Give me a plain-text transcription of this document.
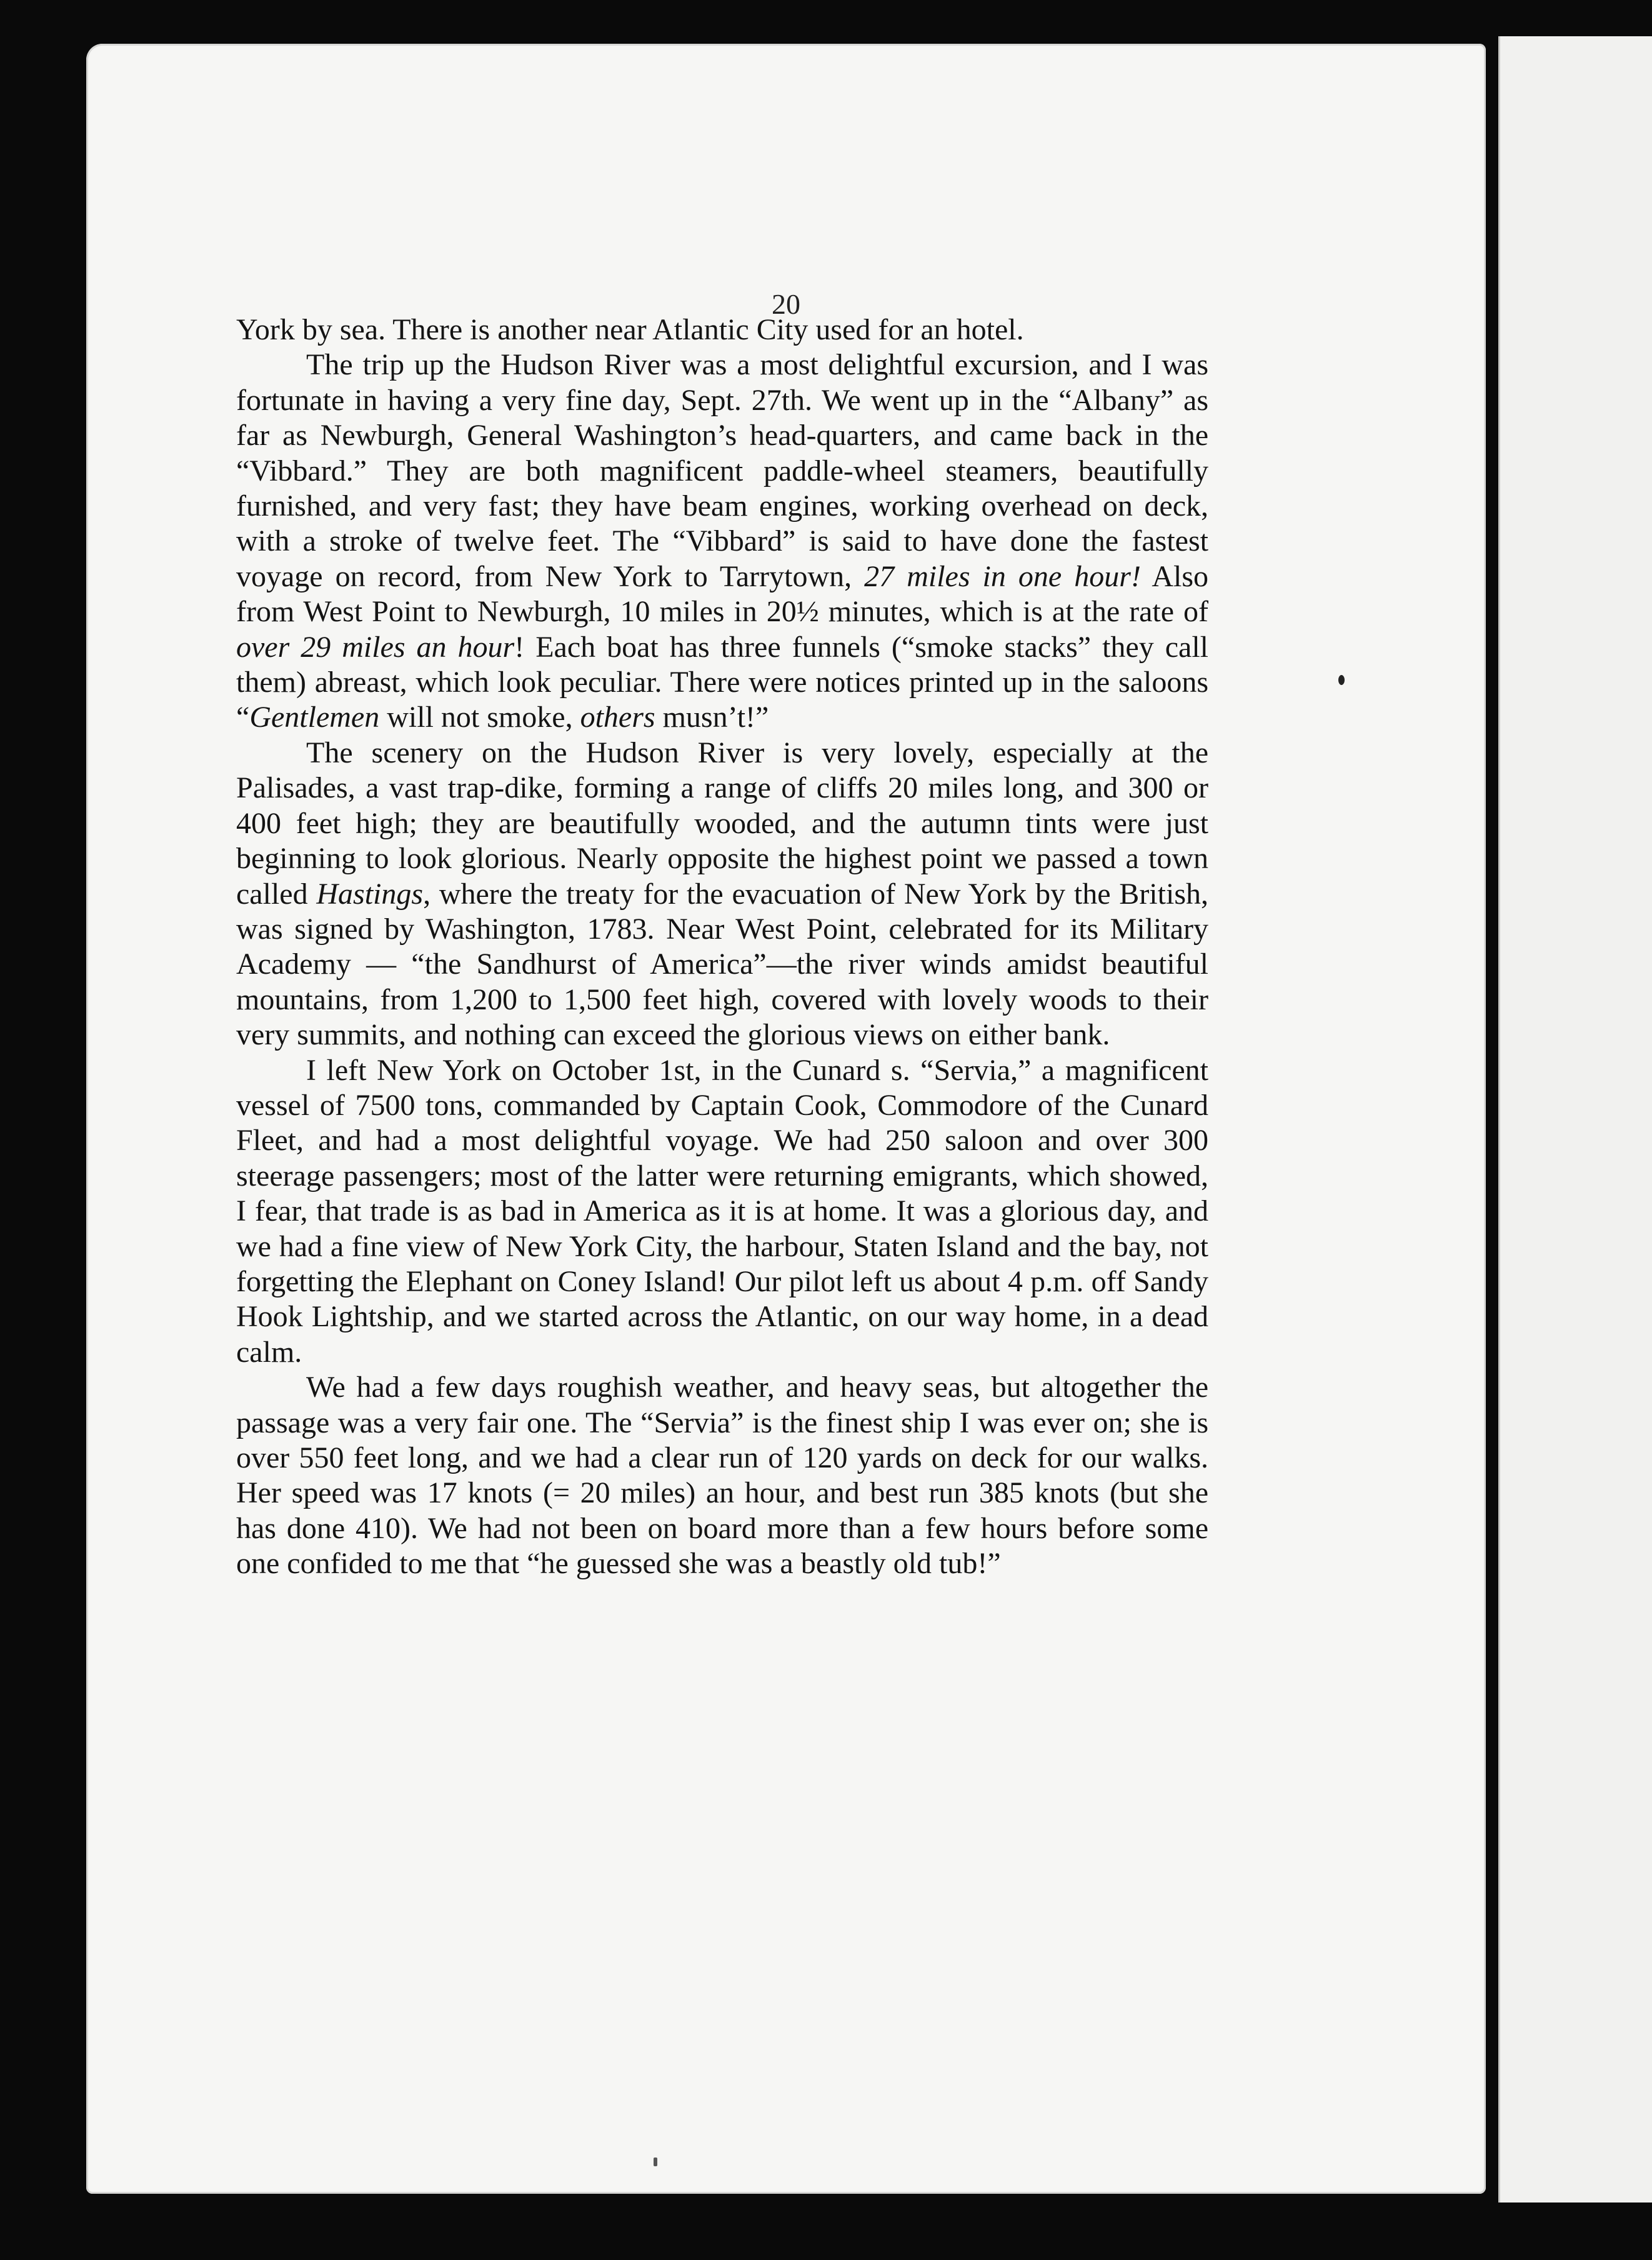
20

York by sea. There is another near Atlantic City used for an hotel.

The trip up the Hudson River was a most delightful excursion, and I was fortunate in having a very fine day, Sept. 27th. We went up in the “Albany” as far as Newburgh, General Washington’s head-quarters, and came back in the “Vibbard.” They are both magnificent paddle-wheel steamers, beautifully furnished, and very fast; they have beam engines, working overhead on deck, with a stroke of twelve feet. The “Vibbard” is said to have done the fastest voyage on record, from New York to Tarrytown, 27 miles in one hour! Also from West Point to Newburgh, 10 miles in 20½ minutes, which is at the rate of over 29 miles an hour! Each boat has three funnels (“smoke stacks” they call them) abreast, which look peculiar. There were notices printed up in the saloons “Gentlemen will not smoke, others musn’t!”

The scenery on the Hudson River is very lovely, especially at the Palisades, a vast trap-dike, forming a range of cliffs 20 miles long, and 300 or 400 feet high; they are beautifully wooded, and the autumn tints were just beginning to look glorious. Nearly opposite the highest point we passed a town called Hastings, where the treaty for the evacuation of New York by the British, was signed by Washington, 1783. Near West Point, celebrated for its Military Academy — “the Sandhurst of America”—the river winds amidst beautiful mountains, from 1,200 to 1,500 feet high, covered with lovely woods to their very summits, and nothing can exceed the glorious views on either bank.

I left New York on October 1st, in the Cunard s. “Servia,” a magnificent vessel of 7500 tons, commanded by Captain Cook, Commodore of the Cunard Fleet, and had a most delightful voyage. We had 250 saloon and over 300 steerage passengers; most of the latter were returning emigrants, which showed, I fear, that trade is as bad in America as it is at home. It was a glorious day, and we had a fine view of New York City, the harbour, Staten Island and the bay, not forgetting the Elephant on Coney Island! Our pilot left us about 4 p.m. off Sandy Hook Lightship, and we started across the Atlantic, on our way home, in a dead calm.

We had a few days roughish weather, and heavy seas, but altogether the passage was a very fair one. The “Servia” is the finest ship I was ever on; she is over 550 feet long, and we had a clear run of 120 yards on deck for our walks. Her speed was 17 knots (= 20 miles) an hour, and best run 385 knots (but she has done 410). We had not been on board more than a few hours before some one confided to me that “he guessed she was a beastly old tub!”
